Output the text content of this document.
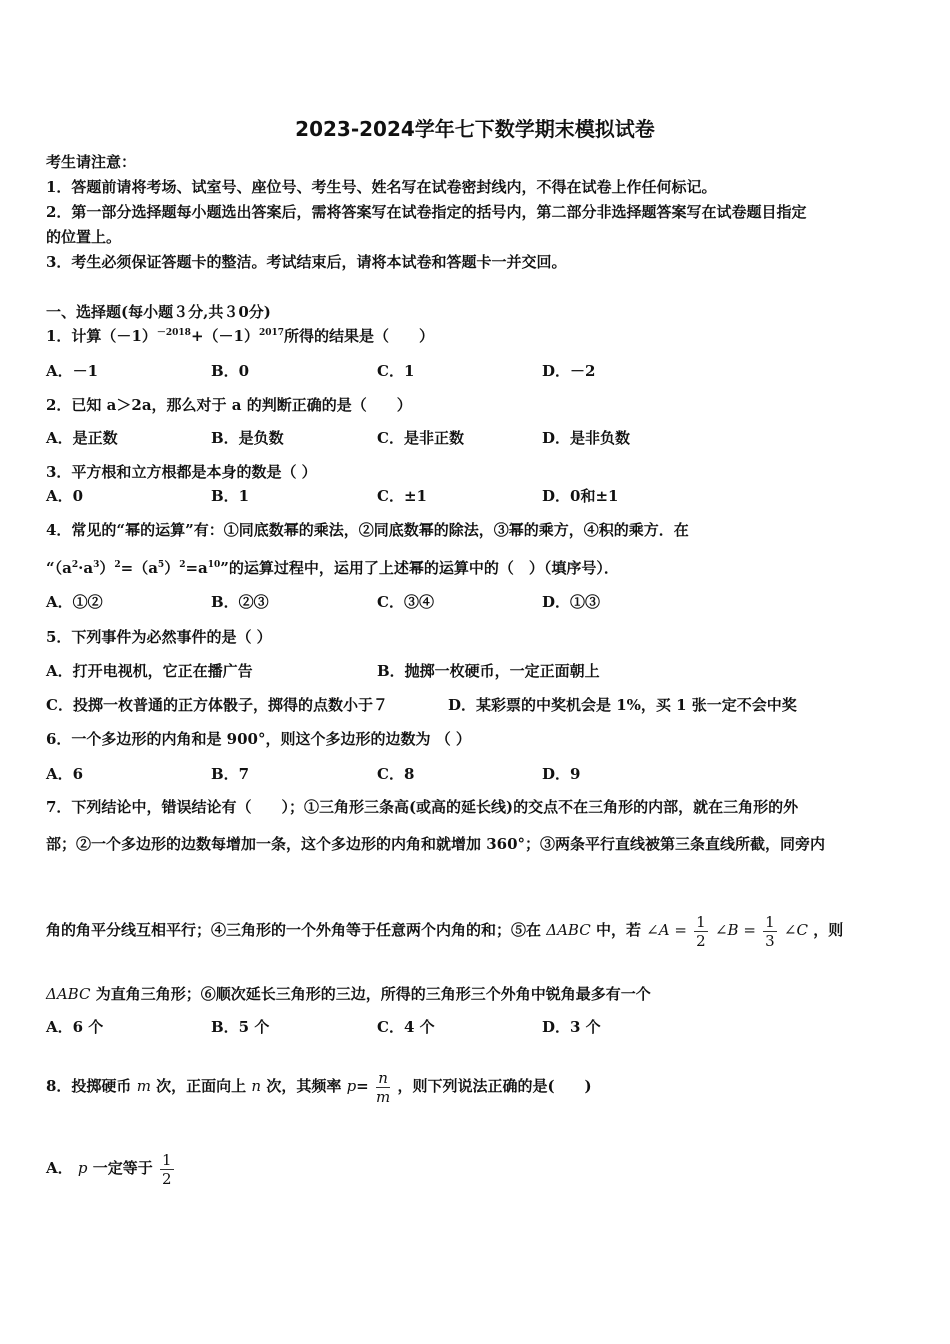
2023-2024学年七下数学期末模拟试卷
考生请注意：
1．答题前请将考场、试室号、座位号、考生号、姓名写在试卷密封线内，不得在试卷上作任何标记。
2．第一部分选择题每小题选出答案后，需将答案写在试卷指定的括号内，第二部分非选择题答案写在试卷题目指定
的位置上。
3．考生必须保证答题卡的整洁。考试结束后，请将本试卷和答题卡一并交回。
一、选择题(每小题３分,共３0分)
1．计算$(-1)^{-2018}+(-1)^{2017}$所得的结果是（　　）
A．－1	B．0	C．1	D．－2
2．已知 a＞2a，那么对于 a 的判断正确的是（　　）
A．是正数	B．是负数	C．是非正数	D．是非负数
3．平方根和立方根都是本身的数是（ ）
A．0	B．1	C．±1	D．0和±1
4．常见的“幂的运算”有：①同底数幂的乘法，②同底数幂的除法，③幂的乘方，④积的乘方．在
“$(a^2\cdot a^3)^2=(a^5)^2=a^{10}$”的运算过程中，运用了上述幂的运算中的（　）（填序号）．
A．①②	B．②③	C．③④	D．①③
5．下列事件为必然事件的是（ ）
A．打开电视机，它正在播广告	B．抛掷一枚硬币，一定正面朝上
C．投掷一枚普通的正方体骰子，掷得的点数小于７	D．某彩票的中奖机会是 1%，买 1 张一定不会中奖
6．一个多边形的内角和是 900°，则这个多边形的边数为 （ ）
A．6	B．7	C．8	D．9
7．下列结论中，错误结论有（　　）；①三角形三条高(或高的延长线)的交点不在三角形的内部，就在三角形的外
部；②一个多边形的边数每增加一条，这个多边形的内角和就增加 360°；③两条平行直线被第三条直线所截，同旁内
角的角平分线互相平行；④三角形的一个外角等于任意两个内角的和；⑤在 ΔABC 中，若 ∠A = $\frac{1}{2}$ ∠B = $\frac{1}{3}$ ∠C ，则
ΔABC 为直角三角形；⑥顺次延长三角形的三边，所得的三角形三个外角中锐角最多有一个
A．6 个	B．5 个	C．4 个	D．3 个
8．投掷硬币 m 次，正面向上 n 次，其频率 $p= \frac{n}{m}$ ，则下列说法正确的是(　　)
A． p 一定等于 $\frac{1}{2}$
